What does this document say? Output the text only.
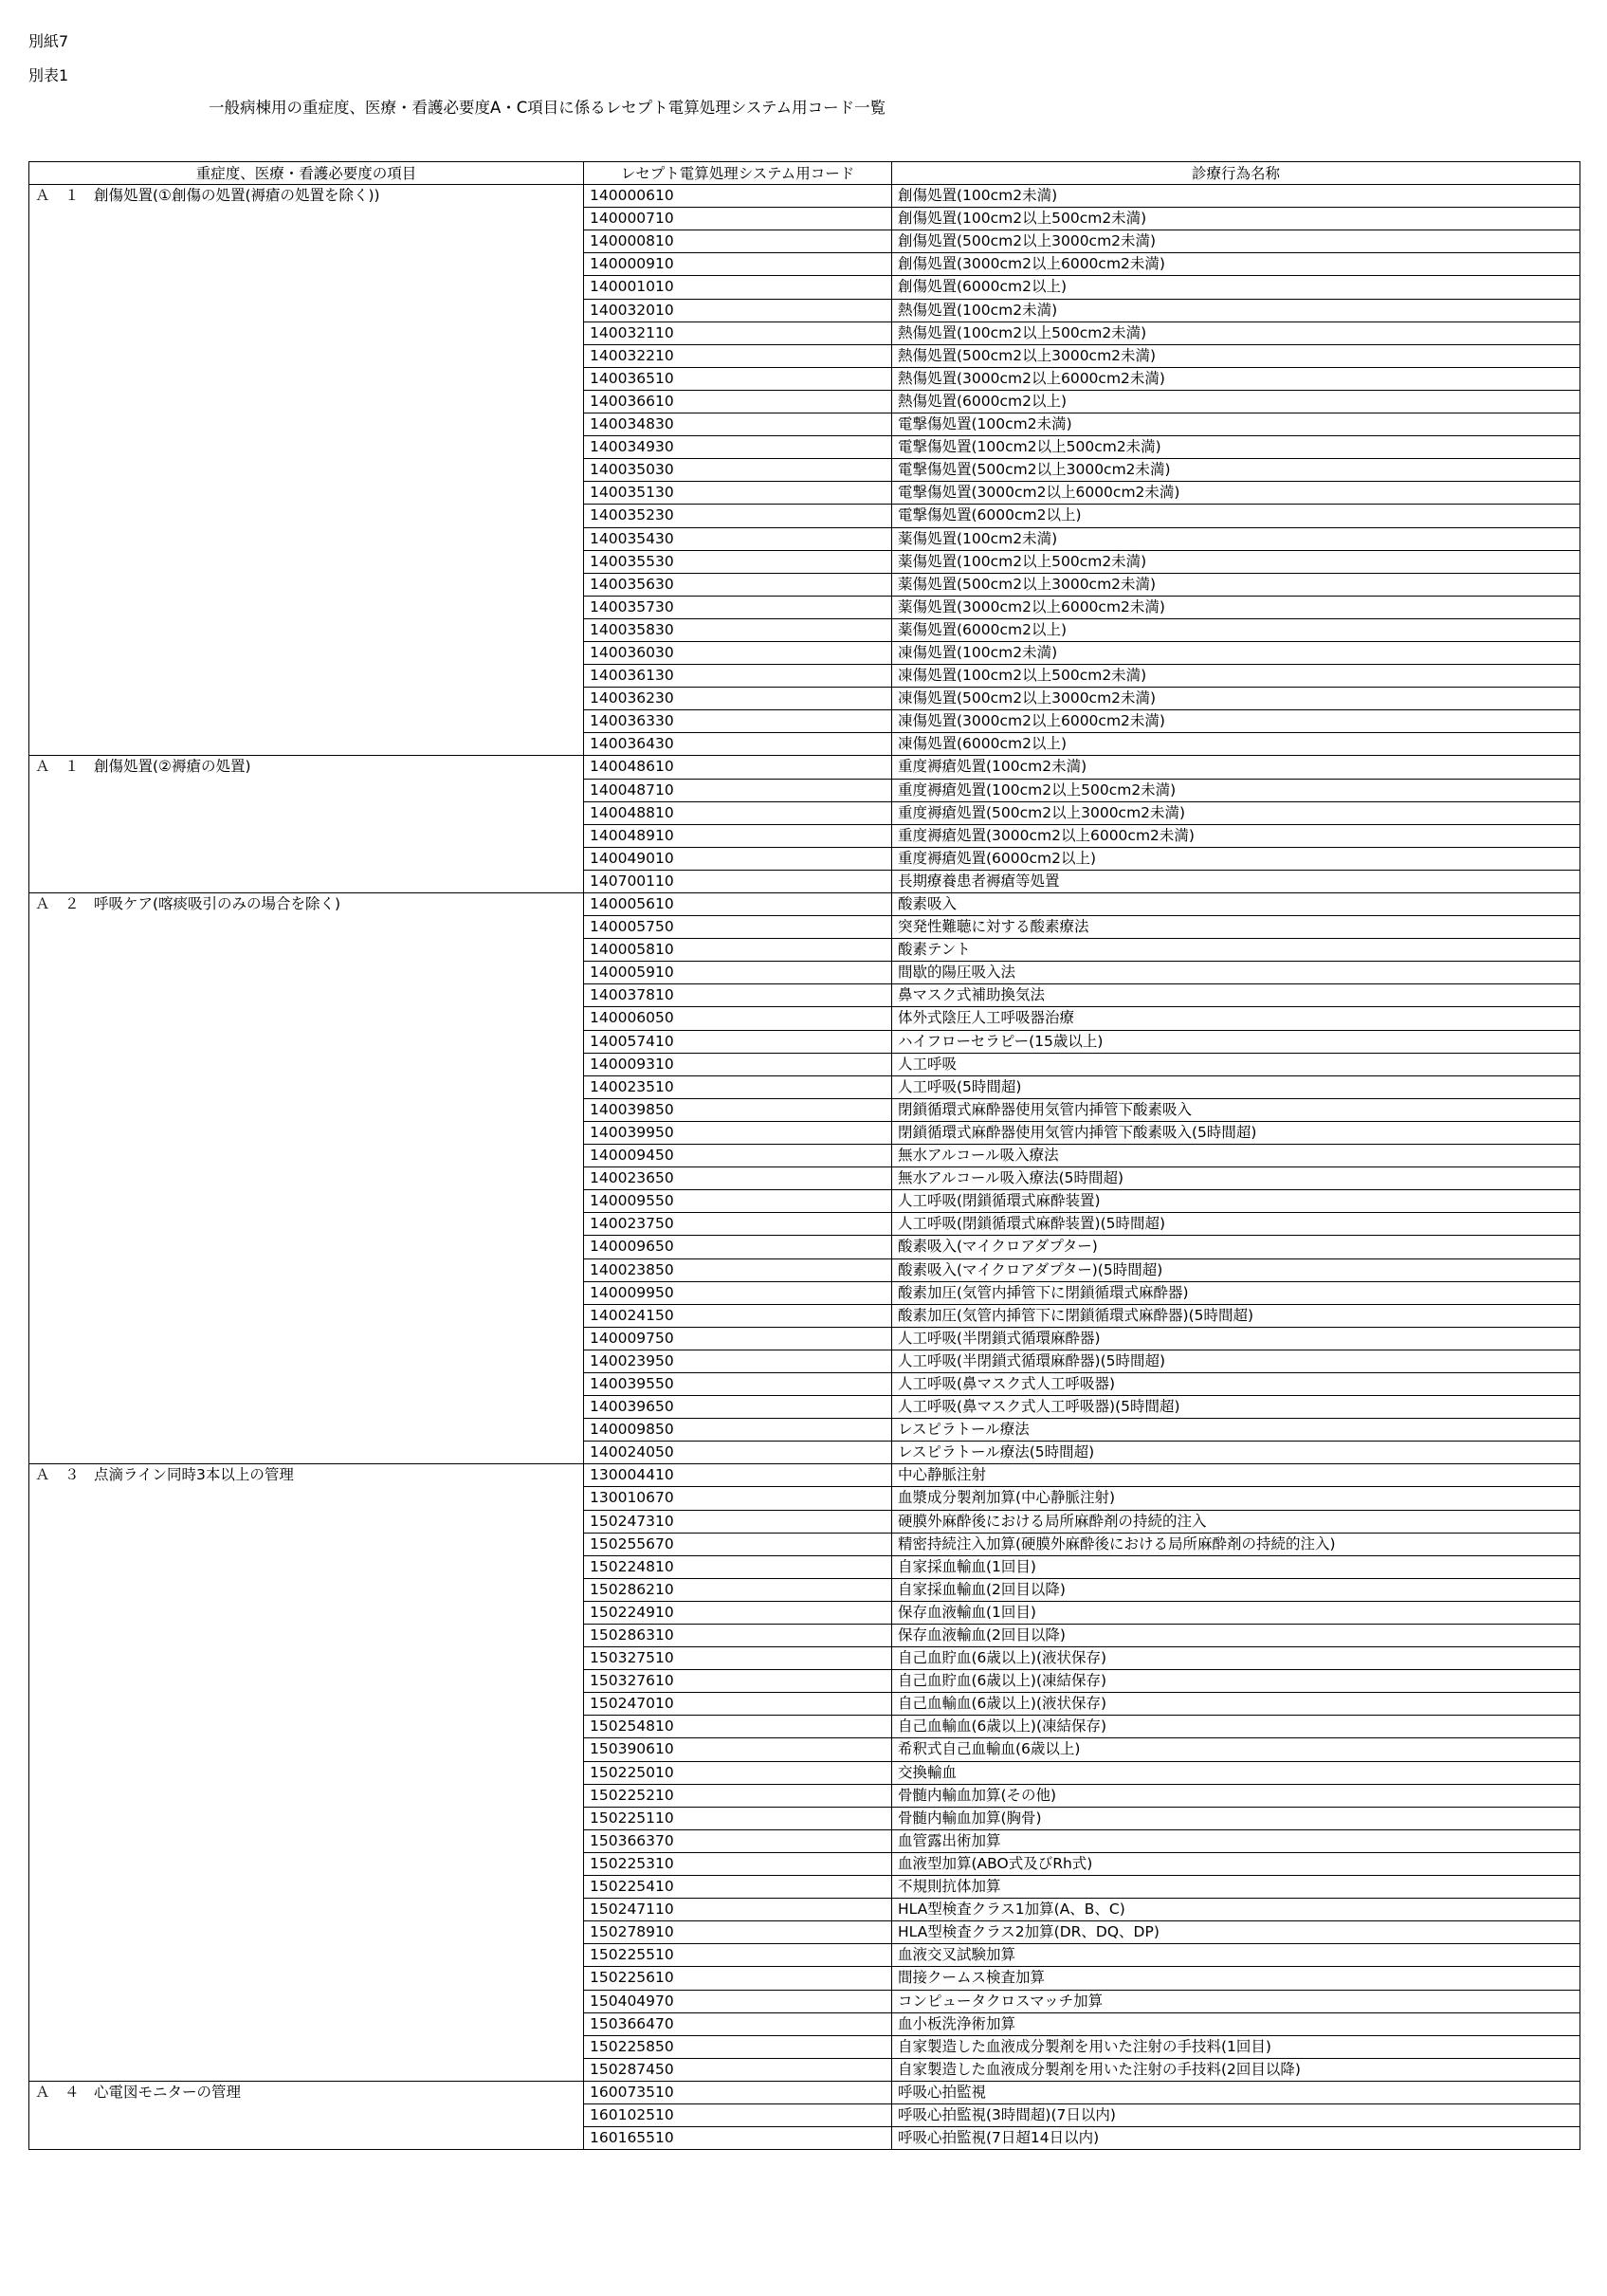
別紙7
別表1
一般病棟用の重症度、医療・看護必要度A・C項目に係るレセプト電算処理システム用コード一覧
重症度、医療・看護必要度の項目	レセプト電算処理システム用コード	診療行為名称
Ａ　１　創傷処置(①創傷の処置(褥瘡の処置を除く))	140000610	創傷処置(100cm2未満)
	140000710	創傷処置(100cm2以上500cm2未満)
	140000810	創傷処置(500cm2以上3000cm2未満)
	140000910	創傷処置(3000cm2以上6000cm2未満)
	140001010	創傷処置(6000cm2以上)
	140032010	熱傷処置(100cm2未満)
	140032110	熱傷処置(100cm2以上500cm2未満)
	140032210	熱傷処置(500cm2以上3000cm2未満)
	140036510	熱傷処置(3000cm2以上6000cm2未満)
	140036610	熱傷処置(6000cm2以上)
	140034830	電撃傷処置(100cm2未満)
	140034930	電撃傷処置(100cm2以上500cm2未満)
	140035030	電撃傷処置(500cm2以上3000cm2未満)
	140035130	電撃傷処置(3000cm2以上6000cm2未満)
	140035230	電撃傷処置(6000cm2以上)
	140035430	薬傷処置(100cm2未満)
	140035530	薬傷処置(100cm2以上500cm2未満)
	140035630	薬傷処置(500cm2以上3000cm2未満)
	140035730	薬傷処置(3000cm2以上6000cm2未満)
	140035830	薬傷処置(6000cm2以上)
	140036030	凍傷処置(100cm2未満)
	140036130	凍傷処置(100cm2以上500cm2未満)
	140036230	凍傷処置(500cm2以上3000cm2未満)
	140036330	凍傷処置(3000cm2以上6000cm2未満)
	140036430	凍傷処置(6000cm2以上)
Ａ　１　創傷処置(②褥瘡の処置)	140048610	重度褥瘡処置(100cm2未満)
	140048710	重度褥瘡処置(100cm2以上500cm2未満)
	140048810	重度褥瘡処置(500cm2以上3000cm2未満)
	140048910	重度褥瘡処置(3000cm2以上6000cm2未満)
	140049010	重度褥瘡処置(6000cm2以上)
	140700110	長期療養患者褥瘡等処置
Ａ　２　呼吸ケア(喀痰吸引のみの場合を除く)	140005610	酸素吸入
	140005750	突発性難聴に対する酸素療法
	140005810	酸素テント
	140005910	間歇的陽圧吸入法
	140037810	鼻マスク式補助換気法
	140006050	体外式陰圧人工呼吸器治療
	140057410	ハイフローセラピー(15歳以上)
	140009310	人工呼吸
	140023510	人工呼吸(5時間超)
	140039850	閉鎖循環式麻酔器使用気管内挿管下酸素吸入
	140039950	閉鎖循環式麻酔器使用気管内挿管下酸素吸入(5時間超)
	140009450	無水アルコール吸入療法
	140023650	無水アルコール吸入療法(5時間超)
	140009550	人工呼吸(閉鎖循環式麻酔装置)
	140023750	人工呼吸(閉鎖循環式麻酔装置)(5時間超)
	140009650	酸素吸入(マイクロアダプター)
	140023850	酸素吸入(マイクロアダプター)(5時間超)
	140009950	酸素加圧(気管内挿管下に閉鎖循環式麻酔器)
	140024150	酸素加圧(気管内挿管下に閉鎖循環式麻酔器)(5時間超)
	140009750	人工呼吸(半閉鎖式循環麻酔器)
	140023950	人工呼吸(半閉鎖式循環麻酔器)(5時間超)
	140039550	人工呼吸(鼻マスク式人工呼吸器)
	140039650	人工呼吸(鼻マスク式人工呼吸器)(5時間超)
	140009850	レスピラトール療法
	140024050	レスピラトール療法(5時間超)
Ａ　３　点滴ライン同時3本以上の管理	130004410	中心静脈注射
	130010670	血漿成分製剤加算(中心静脈注射)
	150247310	硬膜外麻酔後における局所麻酔剤の持続的注入
	150255670	精密持続注入加算(硬膜外麻酔後における局所麻酔剤の持続的注入)
	150224810	自家採血輸血(1回目)
	150286210	自家採血輸血(2回目以降)
	150224910	保存血液輸血(1回目)
	150286310	保存血液輸血(2回目以降)
	150327510	自己血貯血(6歳以上)(液状保存)
	150327610	自己血貯血(6歳以上)(凍結保存)
	150247010	自己血輸血(6歳以上)(液状保存)
	150254810	自己血輸血(6歳以上)(凍結保存)
	150390610	希釈式自己血輸血(6歳以上)
	150225010	交換輸血
	150225210	骨髄内輸血加算(その他)
	150225110	骨髄内輸血加算(胸骨)
	150366370	血管露出術加算
	150225310	血液型加算(ABO式及びRh式)
	150225410	不規則抗体加算
	150247110	HLA型検査クラス1加算(A、B、C)
	150278910	HLA型検査クラス2加算(DR、DQ、DP)
	150225510	血液交叉試験加算
	150225610	間接クームス検査加算
	150404970	コンピュータクロスマッチ加算
	150366470	血小板洗浄術加算
	150225850	自家製造した血液成分製剤を用いた注射の手技料(1回目)
	150287450	自家製造した血液成分製剤を用いた注射の手技料(2回目以降)
Ａ　４　心電図モニターの管理	160073510	呼吸心拍監視
	160102510	呼吸心拍監視(3時間超)(7日以内)
	160165510	呼吸心拍監視(7日超14日以内)
